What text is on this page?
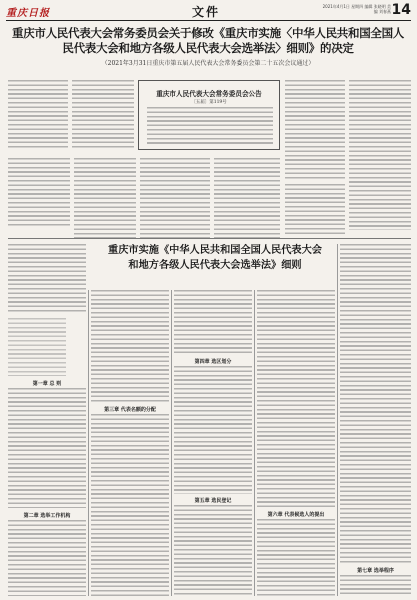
重庆日报	文件	2021年4月1日 星期四 编辑 张晓明 美编 刘春燕 14
重庆市人民代表大会常务委员会关于修改《重庆市实施〈中华人民共和国全国人民代表大会和地方各级人民代表大会选举法〉细则》的决定
（2021年3月31日重庆市第五届人民代表大会常务委员会第二十五次会议通过）
重庆市人民代表大会常务委员会公告
〔五届〕第119号
重庆市实施《中华人民共和国全国人民代表大会
和地方各级人民代表大会选举法》细则
第一章 总 则
第二章 选举工作机构
第三章 代表名额的分配
第四章 选区划分
第五章 选民登记
第六章 代表候选人的提出
第七章 选举程序
